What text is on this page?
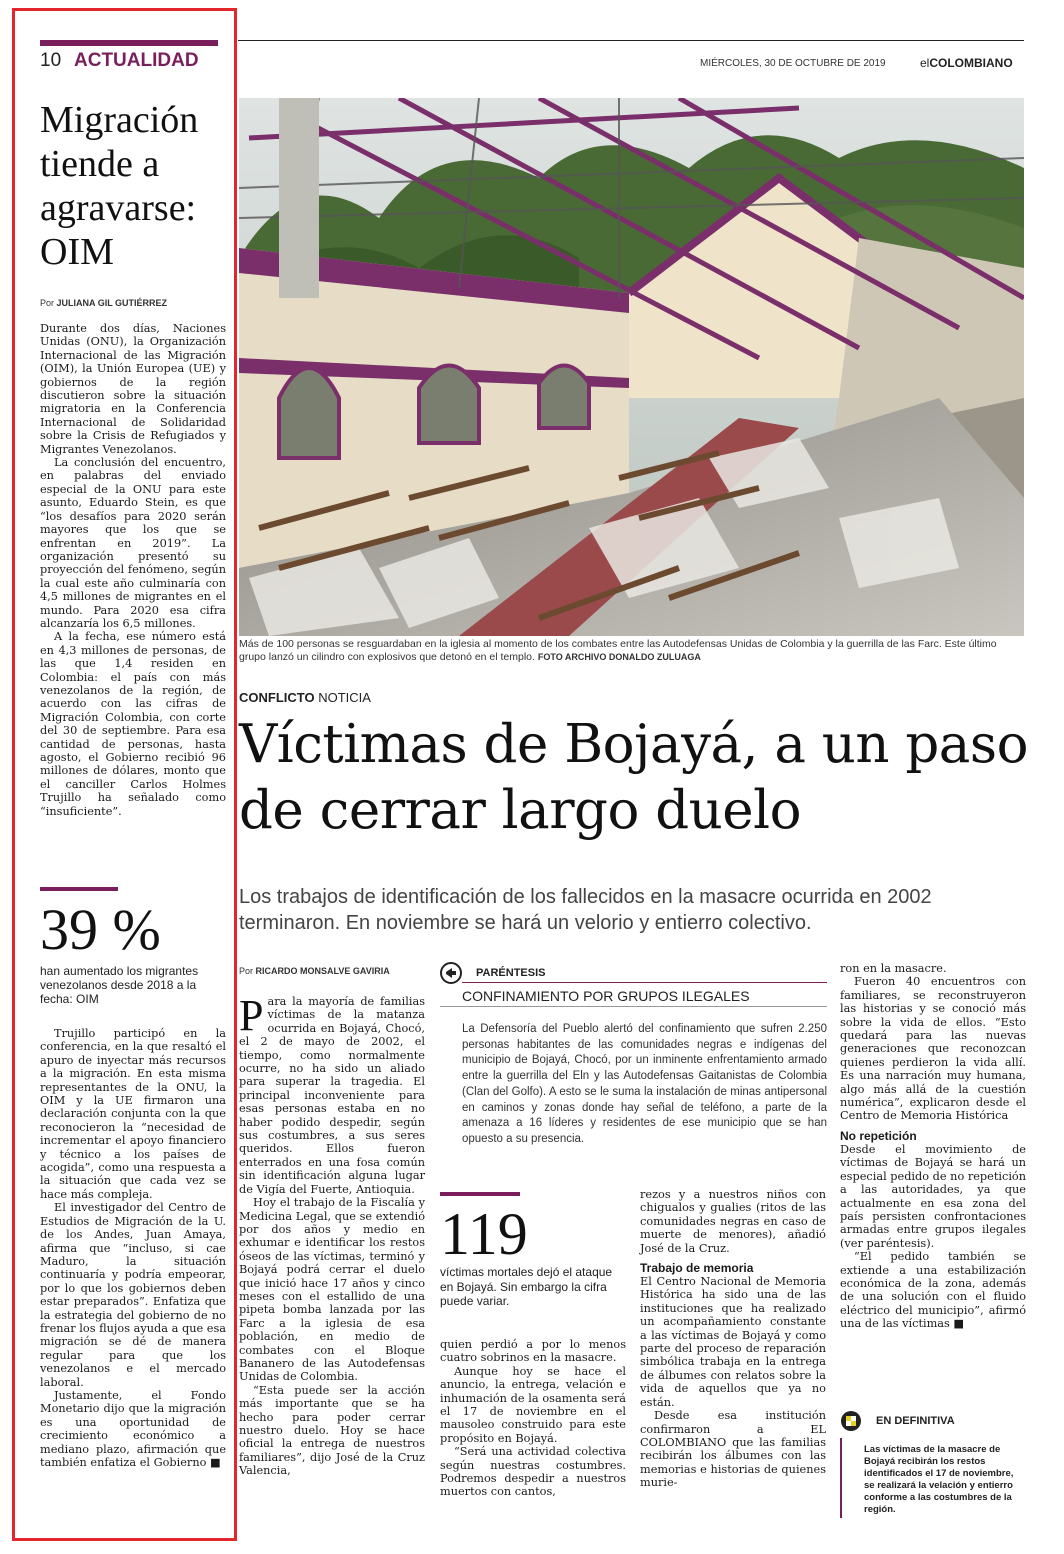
10 ACTUALIDAD	MIÉRCOLES, 30 DE OCTUBRE DE 2019	elCOLOMBIANO
Migración tiende a agravarse: OIM
Por JULIANA GIL GUTIÉRREZ

Durante dos días, Naciones Unidas (ONU), la Organización Internacional de las Migración (OIM), la Unión Europea (UE) y gobiernos de la región discutieron sobre la situación migratoria en la Conferencia Internacional de Solidaridad sobre la Crisis de Refugiados y Migrantes Venezolanos.

La conclusión del encuentro, en palabras del enviado especial de la ONU para este asunto, Eduardo Stein, es que “los desafíos para 2020 serán mayores que los que se enfrentan en 2019”. La organización presentó su proyección del fenómeno, según la cual este año culminaría con 4,5 millones de migrantes en el mundo. Para 2020 esa cifra alcanzaría los 6,5 millones.

A la fecha, ese número está en 4,3 millones de personas, de las que 1,4 residen en Colombia: el país con más venezolanos de la región, de acuerdo con las cifras de Migración Colombia, con corte del 30 de septiembre. Para esa cantidad de personas, hasta agosto, el Gobierno recibió 96 millones de dólares, monto que el canciller Carlos Holmes Trujillo ha señalado como “insuficiente”.

39 %
han aumentado los migrantes venezolanos desde 2018 a la fecha: OIM

Trujillo participó en la conferencia, en la que resaltó el apuro de inyectar más recursos a la migración. En esta misma representantes de la ONU, la OIM y la UE firmaron una declaración conjunta con la que reconocieron la “necesidad de incrementar el apoyo financiero y técnico a los países de acogida”, como una respuesta a la situación que cada vez se hace más compleja.

El investigador del Centro de Estudios de Migración de la U. de los Andes, Juan Amaya, afirma que “incluso, si cae Maduro, la situación continuaría y podría empeorar, por lo que los gobiernos deben estar preparados”. Enfatiza que la estrategia del gobierno de no frenar los flujos ayuda a que esa migración se dé de manera regular para que los venezolanos e el mercado laboral.

Justamente, el Fondo Monetario dijo que la migración es una oportunidad de crecimiento económico a mediano plazo, afirmación que también enfatiza el Gobierno ■

Más de 100 personas se resguardaban en la iglesia al momento de los combates entre las Autodefensas Unidas de Colombia y la guerrilla de las Farc. Este último grupo lanzó un cilindro con explosivos que detonó en el templo. FOTO ARCHIVO DONALDO ZULUAGA
CONFLICTO NOTICIA
Víctimas de Bojayá, a un paso de cerrar largo duelo
Los trabajos de identificación de los fallecidos en la masacre ocurrida en 2002 terminaron. En noviembre se hará un velorio y entierro colectivo.
Por RICARDO MONSALVE GAVIRIA

Para la mayoría de familias víctimas de la matanza ocurrida en Bojayá, Chocó, el 2 de mayo de 2002, el tiempo, como normalmente ocurre, no ha sido un aliado para superar la tragedia. El principal inconveniente para esas personas estaba en no haber podido despedir, según sus costumbres, a sus seres queridos. Ellos fueron enterrados en una fosa común sin identificación alguna lugar de Vigía del Fuerte, Antioquia.

Hoy el trabajo de la Fiscalía y Medicina Legal, que se extendió por dos años y medio en exhumar e identificar los restos óseos de las víctimas, terminó y Bojayá podrá cerrar el duelo que inició hace 17 años y cinco meses con el estallido de una pipeta bomba lanzada por las Farc a la iglesia de esa población, en medio de combates con el Bloque Bananero de las Autodefensas Unidas de Colombia.

“Esta puede ser la acción más importante que se ha hecho para poder cerrar nuestro duelo. Hoy se hace oficial la entrega de nuestros familiares”, dijo José de la Cruz Valencia,

PARÉNTESIS
CONFINAMIENTO POR GRUPOS ILEGALES
La Defensoría del Pueblo alertó del confinamiento que sufren 2.250 personas habitantes de las comunidades negras e indígenas del municipio de Bojayá, Chocó, por un inminente enfrentamiento armado entre la guerrilla del Eln y las Autodefensas Gaitanistas de Colombia (Clan del Golfo). A esto se le suma la instalación de minas antipersonal en caminos y zonas donde hay señal de teléfono, a parte de la amenaza a 16 líderes y residentes de ese municipio que se han opuesto a su presencia.
119
víctimas mortales dejó el ataque en Bojayá. Sin embargo la cifra puede variar.

quien perdió a por lo menos cuatro sobrinos en la masacre.

Aunque hoy se hace el anuncio, la entrega, velación e inhumación de la osamenta será el 17 de noviembre en el mausoleo construido para este propósito en Bojayá.

“Será una actividad colectiva según nuestras costumbres. Podremos despedir a nuestros muertos con cantos,

rezos y a nuestros niños con chigualos y gualies (ritos de las comunidades negras en caso de muerte de menores), añadió José de la Cruz.

Trabajo de memoria

El Centro Nacional de Memoria Histórica ha sido una de las instituciones que ha realizado un acompañamiento constante a las víctimas de Bojayá y como parte del proceso de reparación simbólica trabaja en la entrega de álbumes con relatos sobre la vida de aquellos que ya no están.

Desde esa institución confirmaron a EL COLOMBIANO que las familias recibirán los álbumes con las memorias e historias de quienes murie-

ron en la masacre.

Fueron 40 encuentros con familiares, se reconstruyeron las historias y se conoció más sobre la vida de ellos. “Esto quedará para las nuevas generaciones que reconozcan quienes perdieron la vida allí. Es una narración muy humana, algo más allá de la cuestión numérica”, explicaron desde el Centro de Memoria Histórica

No repetición

Desde el movimiento de víctimas de Bojayá se hará un especial pedido de no repetición a las autoridades, ya que actualmente en esa zona del país persisten confrontaciones armadas entre grupos ilegales (ver paréntesis).

“El pedido también se extiende a una estabilización económica de la zona, además de una solución con el fluido eléctrico del municipio”, afirmó una de las víctimas ■

EN DEFINITIVA
Las víctimas de la masacre de Bojayá recibirán los restos identificados el 17 de noviembre, se realizará la velación y entierro conforme a las costumbres de la región.
